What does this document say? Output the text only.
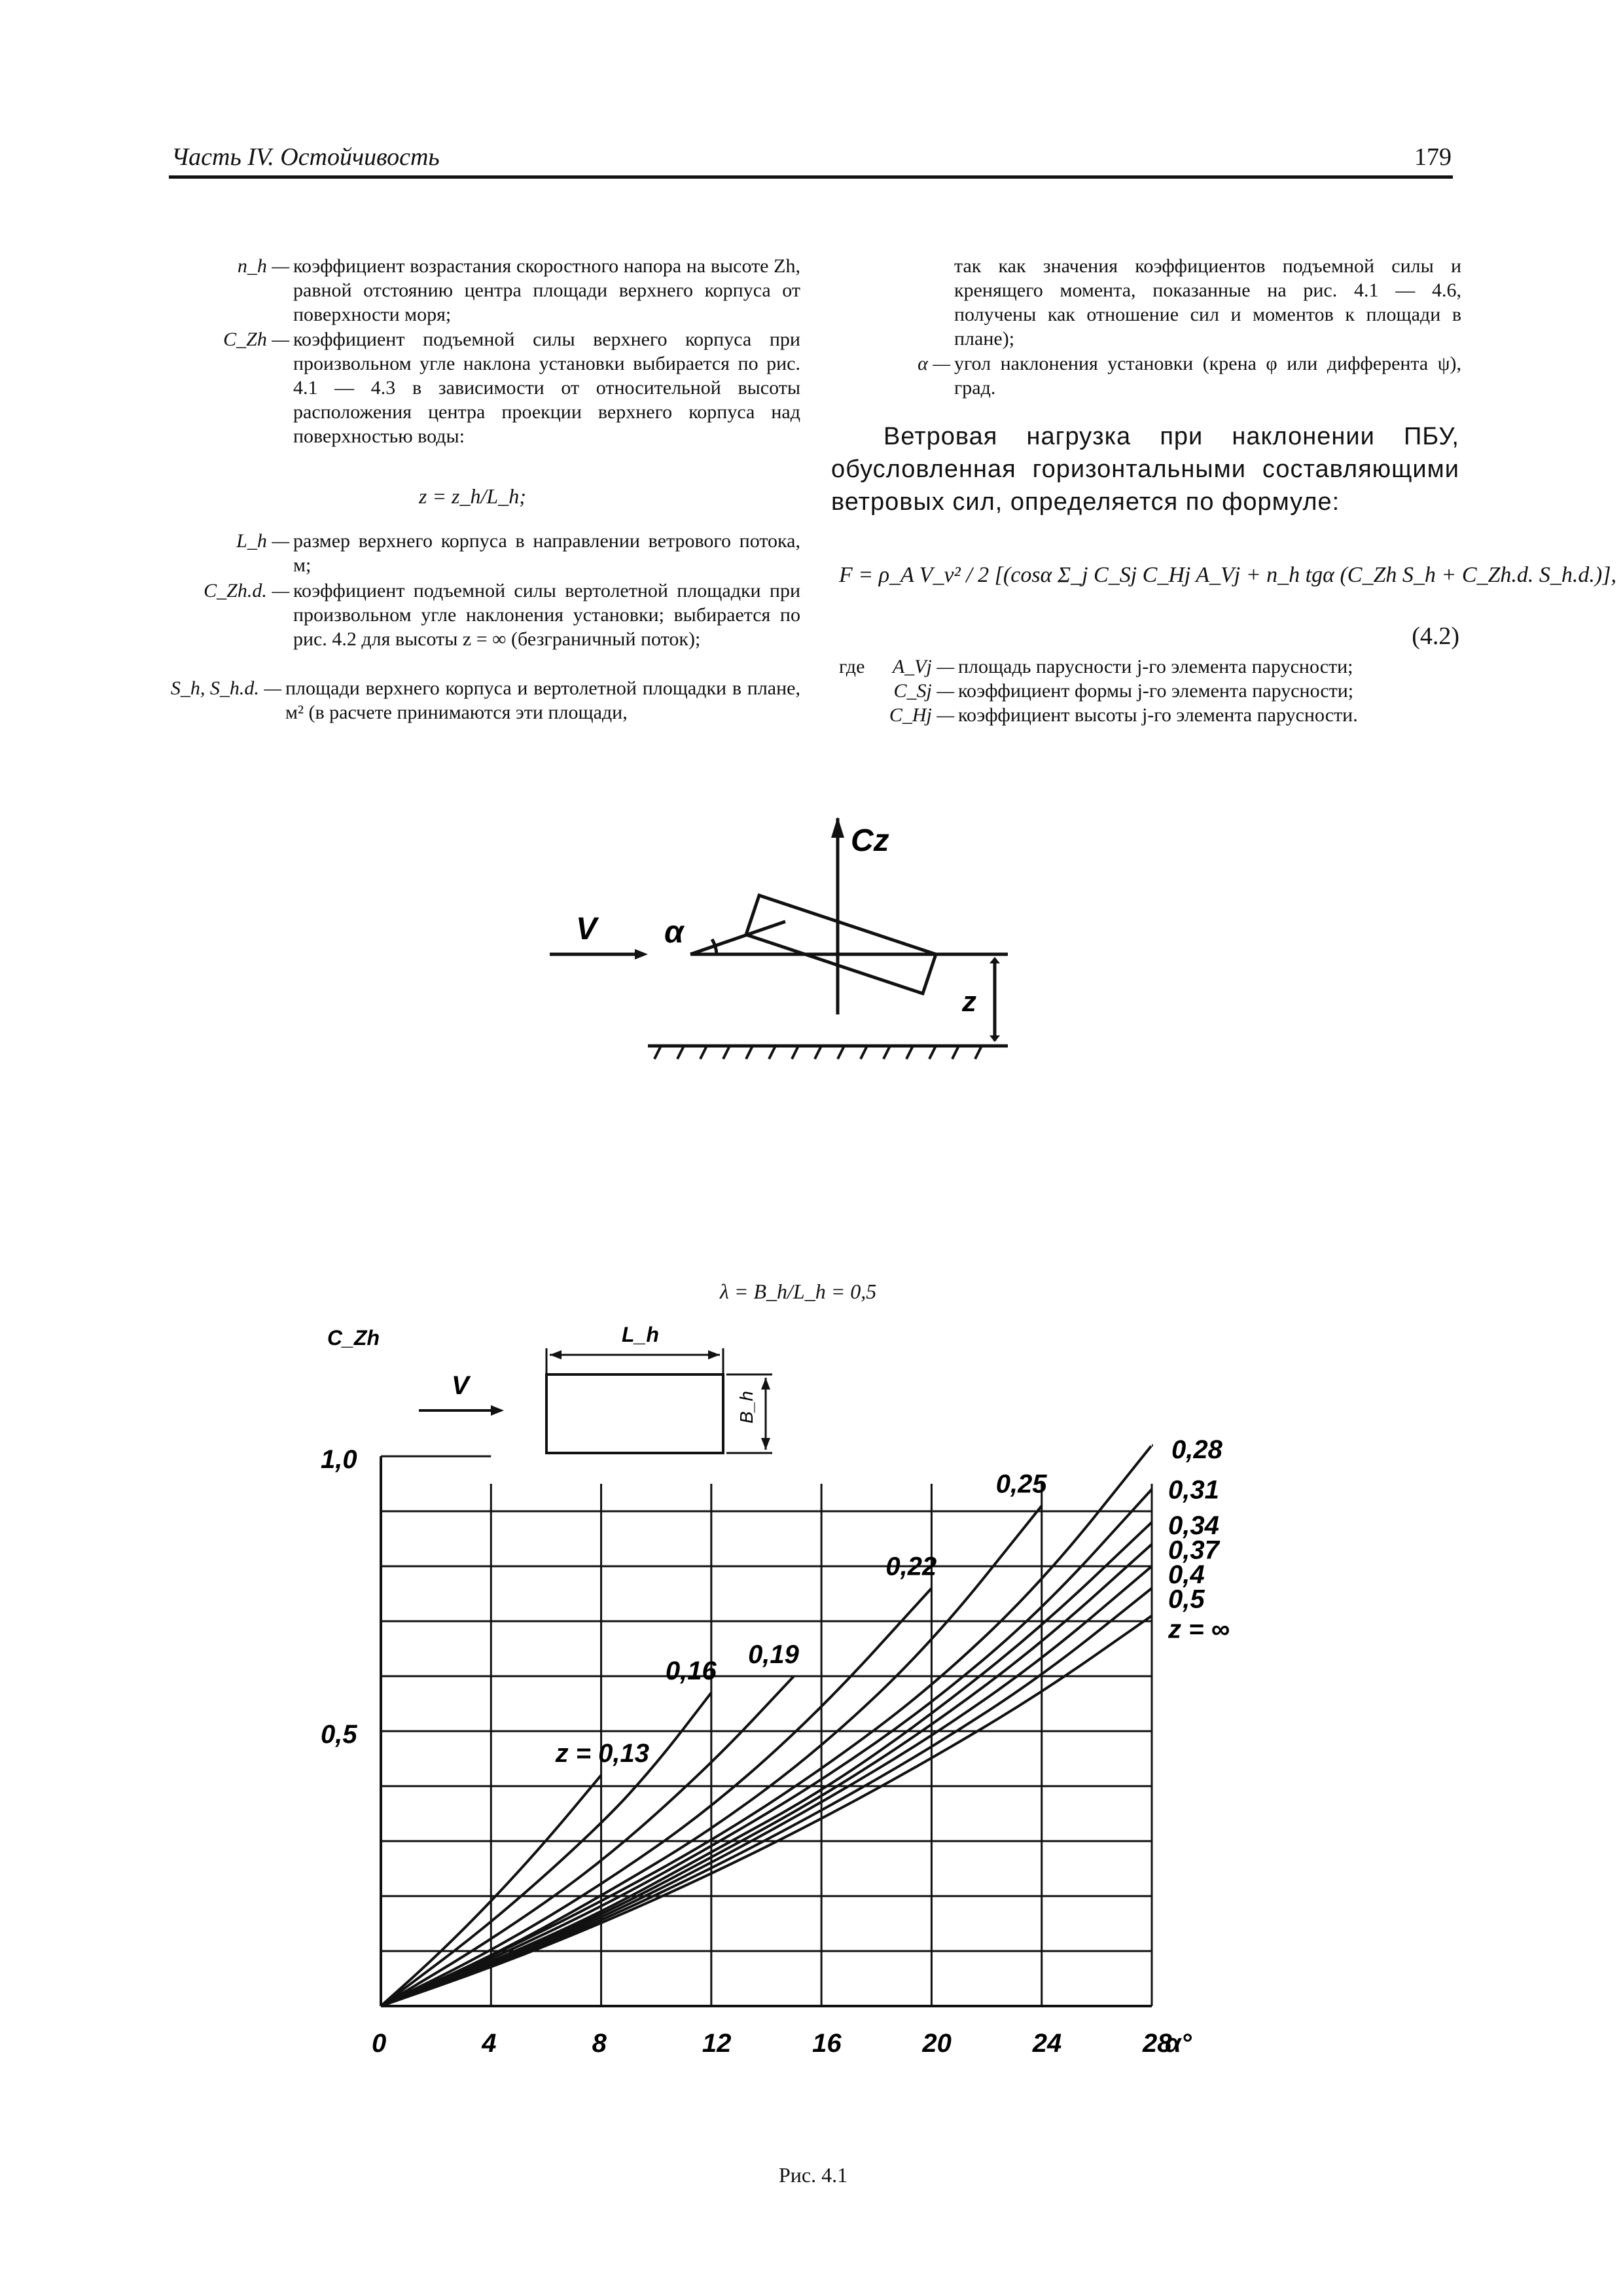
Часть IV. Остойчивость	179
n_h — коэффициент возрастания скоростного напора на высоте Zh, равной отстоянию центра площади верхнего корпуса от поверхности моря;
C_Zh — коэффициент подъемной силы верхнего корпуса при произвольном угле наклона установки выбирается по рис. 4.1 — 4.3 в зависимости от относительной высоты расположения центра проекции верхнего корпуса над поверхностью воды:
z = z_h/L_h;
L_h — размер верхнего корпуса в направлении ветрового потока, м;
C_Zh.d. — коэффициент подъемной силы вертолетной площадки при произвольном угле наклонения установки; выбирается по рис. 4.2 для высоты z = ∞ (безграничный поток);
S_h, S_h.d. — площади верхнего корпуса и вертолетной площадки в плане, м² (в расчете принимаются эти площади,
так как значения коэффициентов подъемной силы и кренящего момента, показанные на рис. 4.1 — 4.6, получены как отношение сил и моментов к площади в плане);
α — угол наклонения установки (крена φ или дифферента ψ), град.
Ветровая нагрузка при наклонении ПБУ, обусловленная горизонтальными составляющими ветровых сил, определяется по формуле:
F = ρ_A V_v² / 2 [(cosα Σ_j C_Sj C_Hj A_Vj + n_h tgα (C_Zh S_h + C_Zh.d. S_h.d.)],
(4.2)
где	A_Vj — площадь парусности j-го элемента парусности;
C_Sj — коэффициент формы j-го элемента парусности;
C_Hj — коэффициент высоты j-го элемента парусности.
V α
Cz
z
λ = B_h/L_h = 0,5
L_h
B_h
V
0	4	8	12	16	20	24	28
0,5
1,0
C_Zh
α°
z = 0,13
0,16
0,19
0,22
0,25
0,28
0,31
0,34
0,37
0,4
0,5
z = ∞
Рис. 4.1
